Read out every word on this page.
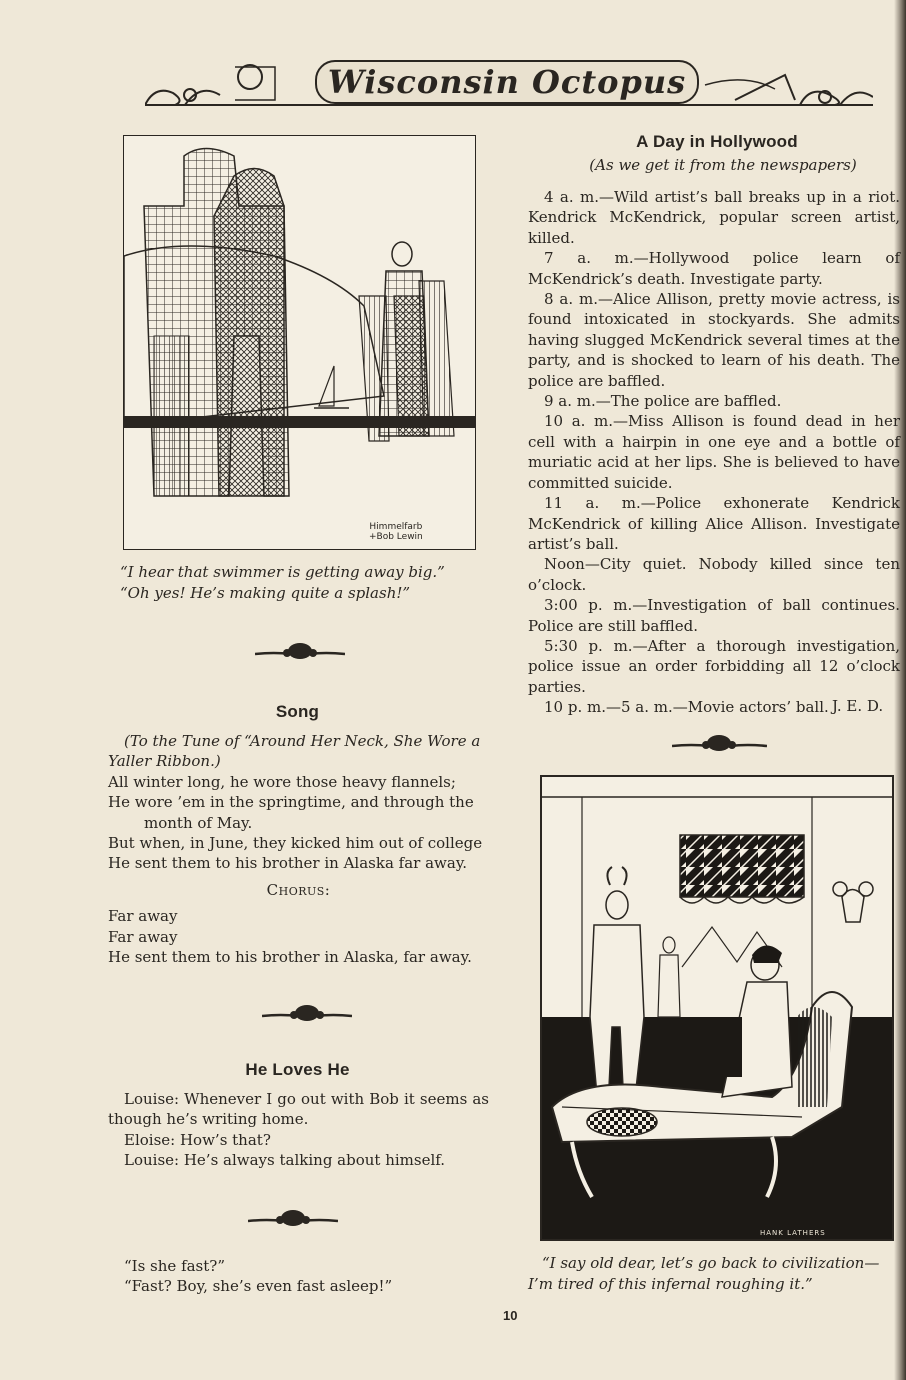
Wisconsin Octopus
Himmelfarb
+Bob Lewin

“I hear that swimmer is getting away big.”

“Oh yes! He’s making quite a splash!”

Song

(To the Tune of “Around Her Neck, She Wore a Yaller Ribbon.)

All winter long, he wore those heavy flannels;
He wore ’em in the springtime, and through the
month of May.
But when, in June, they kicked him out of college
He sent them to his brother in Alaska far away.
Chorus:
Far away
Far away
He sent them to his brother in Alaska, far away.
He Loves He

Louise: Whenever I go out with Bob it seems as though he’s writing home.

Eloise: How’s that?

Louise: He’s always talking about himself.

“Is she fast?”

“Fast? Boy, she’s even fast asleep!”

A Day in Hollywood
(As we get it from the newspapers)

4 a. m.—Wild artist’s ball breaks up in a riot. Kendrick McKendrick, popular screen artist, killed.

7 a. m.—Hollywood police learn of McKendrick’s death. Investigate party.

8 a. m.—Alice Allison, pretty movie actress, is found intoxicated in stockyards. She admits having slugged McKendrick several times at the party, and is shocked to learn of his death. The police are baffled.

9 a. m.—The police are baffled.

10 a. m.—Miss Allison is found dead in her cell with a hairpin in one eye and a bottle of muriatic acid at her lips. She is believed to have committed suicide.

11 a. m.—Police exhonerate Kendrick McKendrick of killing Alice Allison. Investigate artist’s ball.

Noon—City quiet. Nobody killed since ten o’clock.

3:00 p. m.—Investigation of ball continues. Police are still baffled.

5:30 p. m.—After a thorough investigation, police issue an order forbidding all 12 o’clock parties.

10 p. m.—5 a. m.—Movie actors’ ball. J. E. D.
HANK LATHERS

“I say old dear, let’s go back to civilization—I’m tired of this infernal roughing it.”

10
